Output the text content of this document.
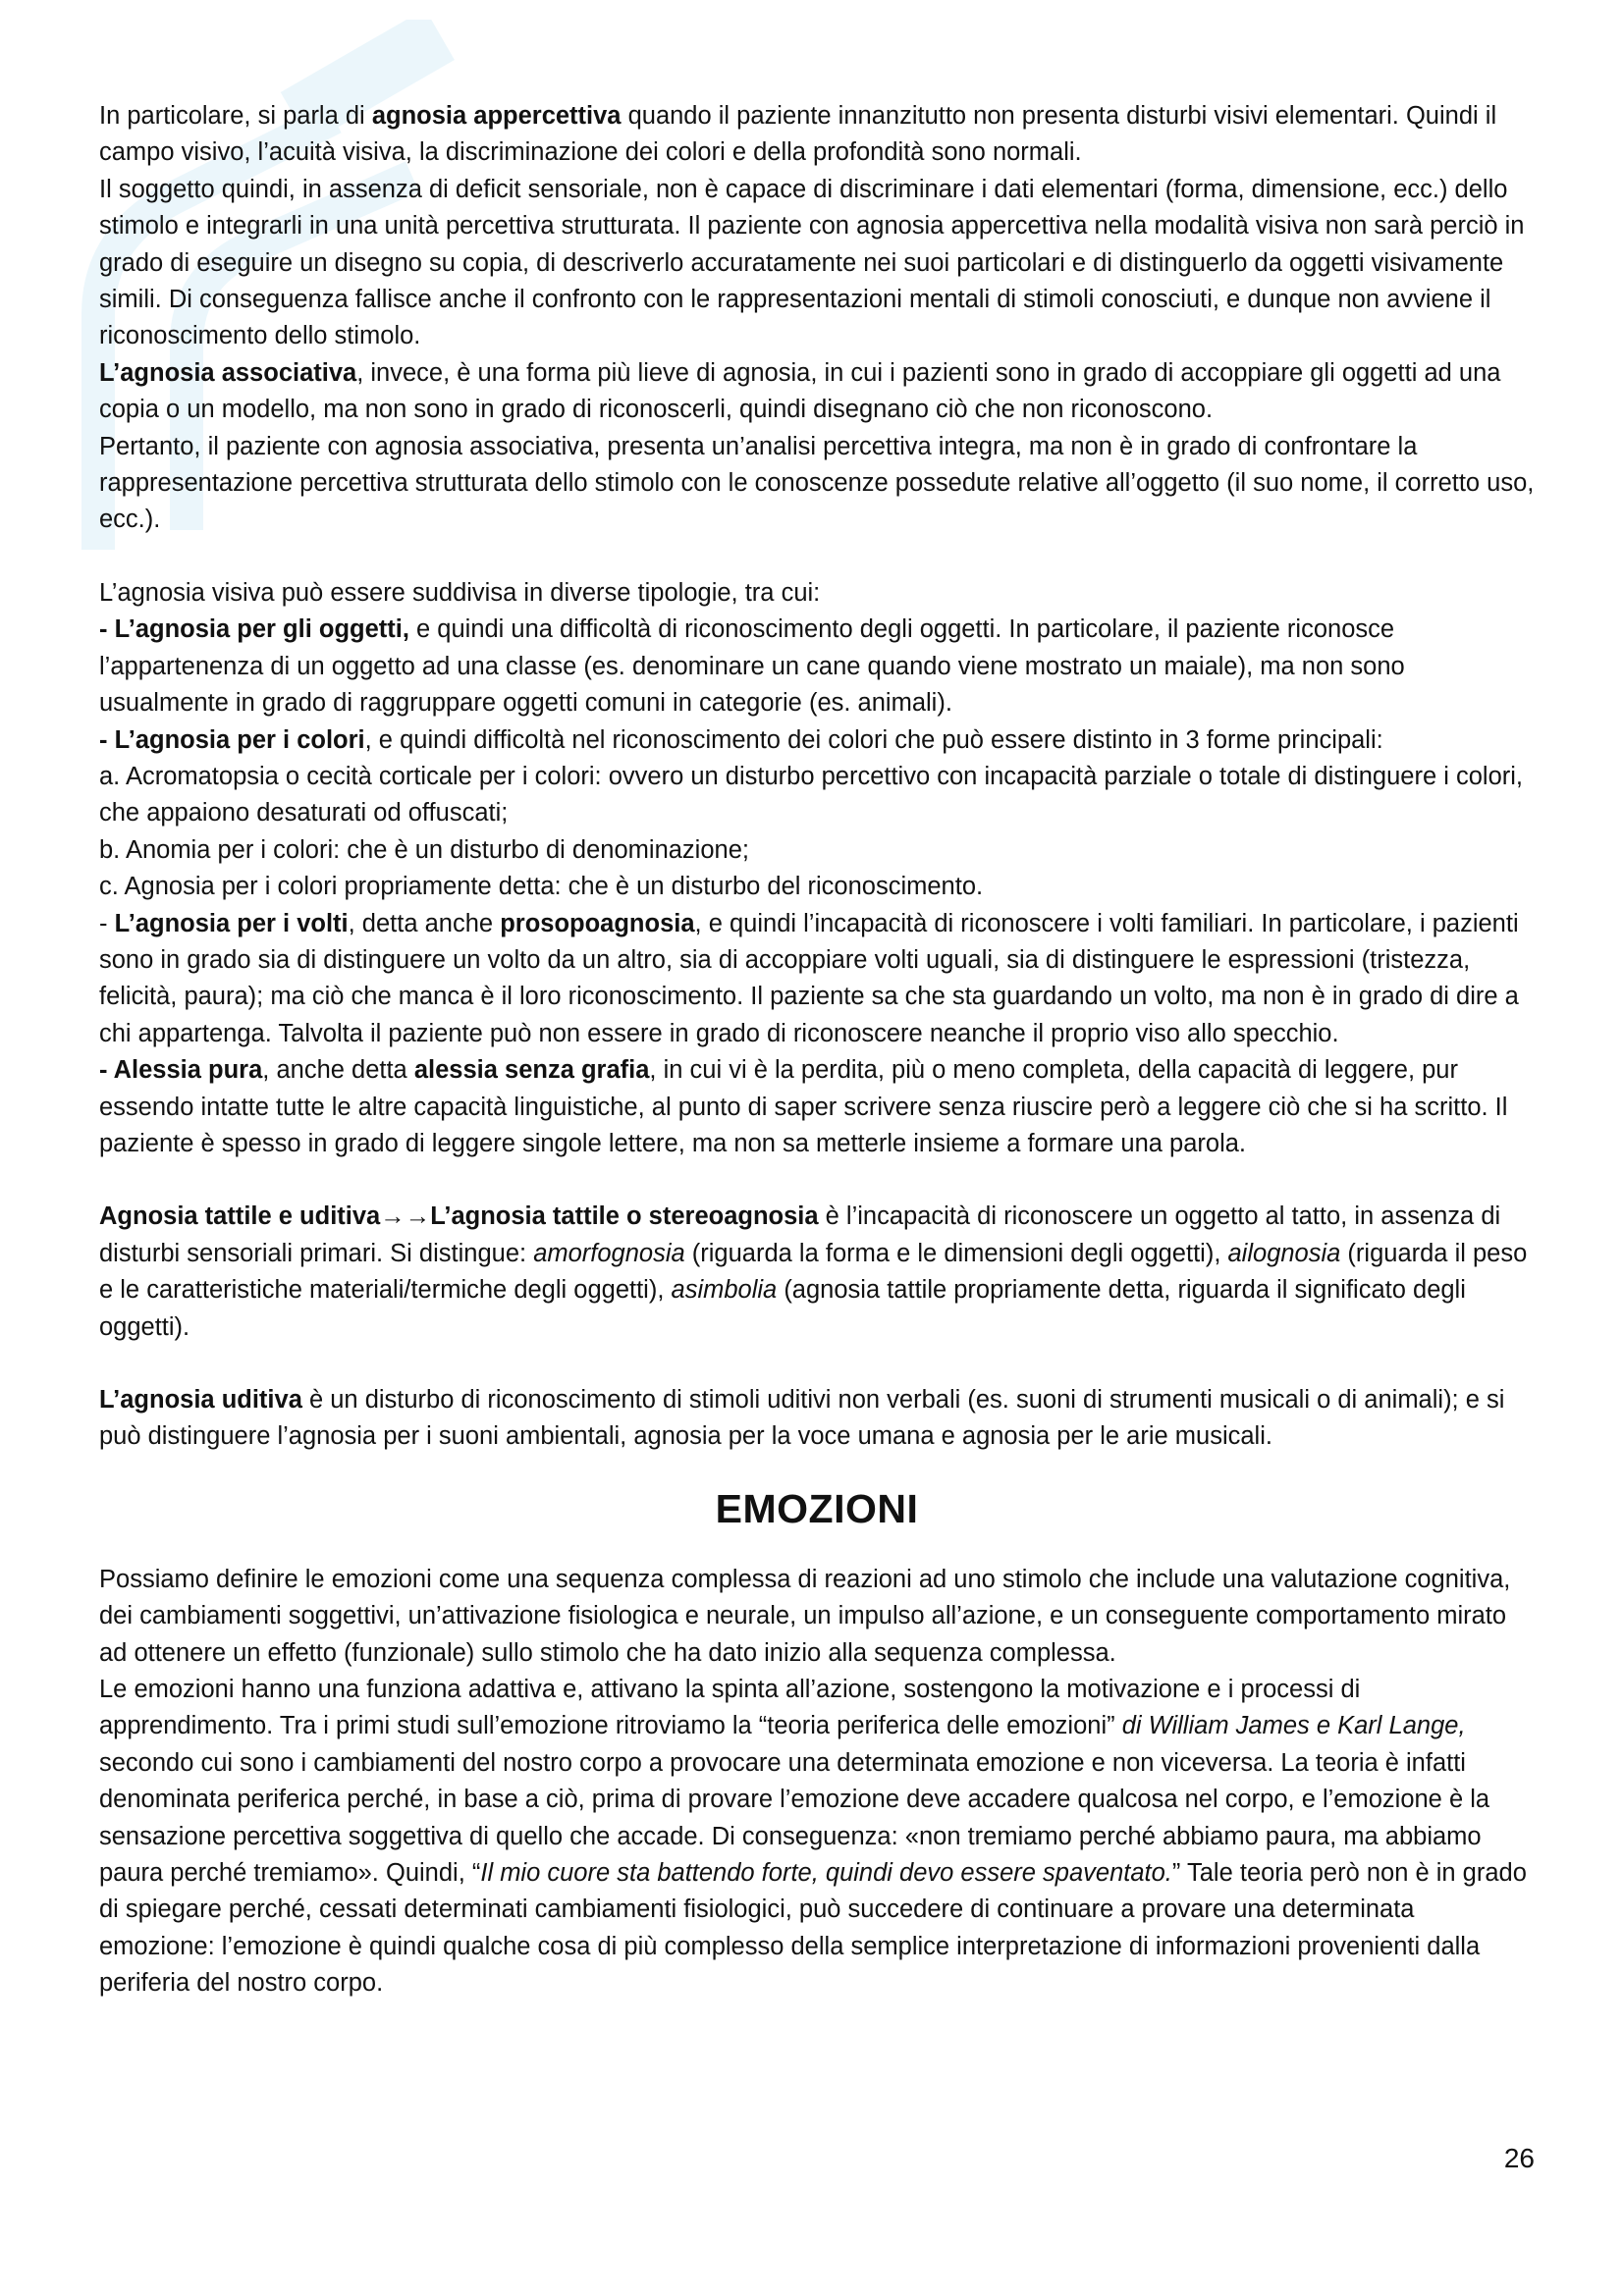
In particolare, si parla di agnosia appercettiva quando il paziente innanzitutto non presenta disturbi visivi elementari. Quindi il campo visivo, l’acuità visiva, la discriminazione dei colori e della profondità sono normali.

Il soggetto quindi, in assenza di deficit sensoriale, non è capace di discriminare i dati elementari (forma, dimensione, ecc.) dello stimolo e integrarli in una unità percettiva strutturata. Il paziente con agnosia appercettiva nella modalità visiva non sarà perciò in grado di eseguire un disegno su copia, di descriverlo accuratamente nei suoi particolari e di distinguerlo da oggetti visivamente simili. Di conseguenza fallisce anche il confronto con le rappresentazioni mentali di stimoli conosciuti, e dunque non avviene il riconoscimento dello stimolo.

L’agnosia associativa, invece, è una forma più lieve di agnosia, in cui i pazienti sono in grado di accoppiare gli oggetti ad una copia o un modello, ma non sono in grado di riconoscerli, quindi disegnano ciò che non riconoscono.

Pertanto, il paziente con agnosia associativa, presenta un’analisi percettiva integra, ma non è in grado di confrontare la rappresentazione percettiva strutturata dello stimolo con le conoscenze possedute relative all’oggetto (il suo nome, il corretto uso, ecc.).

L’agnosia visiva può essere suddivisa in diverse tipologie, tra cui:

- L’agnosia per gli oggetti, e quindi una difficoltà di riconoscimento degli oggetti. In particolare, il paziente riconosce l’appartenenza di un oggetto ad una classe (es. denominare un cane quando viene mostrato un maiale), ma non sono usualmente in grado di raggruppare oggetti comuni in categorie (es. animali).

- L’agnosia per i colori, e quindi difficoltà nel riconoscimento dei colori che può essere distinto in 3 forme principali:

a. Acromatopsia o cecità corticale per i colori: ovvero un disturbo percettivo con incapacità parziale o totale di distinguere i colori, che appaiono desaturati od offuscati;

b. Anomia per i colori: che è un disturbo di denominazione;

c. Agnosia per i colori propriamente detta: che è un disturbo del riconoscimento.

- L’agnosia per i volti, detta anche prosopoagnosia, e quindi l’incapacità di riconoscere i volti familiari. In particolare, i pazienti sono in grado sia di distinguere un volto da un altro, sia di accoppiare volti uguali, sia di distinguere le espressioni (tristezza, felicità, paura); ma ciò che manca è il loro riconoscimento. Il paziente sa che sta guardando un volto, ma non è in grado di dire a chi appartenga. Talvolta il paziente può non essere in grado di riconoscere neanche il proprio viso allo specchio.

- Alessia pura, anche detta alessia senza grafia, in cui vi è la perdita, più o meno completa, della capacità di leggere, pur essendo intatte tutte le altre capacità linguistiche, al punto di saper scrivere senza riuscire però a leggere ciò che si ha scritto. Il paziente è spesso in grado di leggere singole lettere, ma non sa metterle insieme a formare una parola.

Agnosia tattile e uditiva→→L’agnosia tattile o stereoagnosia è l’incapacità di riconoscere un oggetto al tatto, in assenza di disturbi sensoriali primari. Si distingue: amorfognosia (riguarda la forma e le dimensioni degli oggetti), ailognosia (riguarda il peso e le caratteristiche materiali/termiche degli oggetti), asimbolia (agnosia tattile propriamente detta, riguarda il significato degli oggetti).

L’agnosia uditiva è un disturbo di riconoscimento di stimoli uditivi non verbali (es. suoni di strumenti musicali o di animali); e si può distinguere l’agnosia per i suoni ambientali, agnosia per la voce umana e agnosia per le arie musicali.

EMOZIONI

Possiamo definire le emozioni come una sequenza complessa di reazioni ad uno stimolo che include una valutazione cognitiva, dei cambiamenti soggettivi, un’attivazione fisiologica e neurale, un impulso all’azione, e un conseguente comportamento mirato ad ottenere un effetto (funzionale) sullo stimolo che ha dato inizio alla sequenza complessa.

Le emozioni hanno una funziona adattiva e, attivano la spinta all’azione, sostengono la motivazione e i processi di apprendimento. Tra i primi studi sull’emozione ritroviamo la “teoria periferica delle emozioni” di William James e Karl Lange, secondo cui sono i cambiamenti del nostro corpo a provocare una determinata emozione e non viceversa. La teoria è infatti denominata periferica perché, in base a ciò, prima di provare l’emozione deve accadere qualcosa nel corpo, e l’emozione è la sensazione percettiva soggettiva di quello che accade. Di conseguenza: «non tremiamo perché abbiamo paura, ma abbiamo paura perché tremiamo». Quindi, “Il mio cuore sta battendo forte, quindi devo essere spaventato.” Tale teoria però non è in grado di spiegare perché, cessati determinati cambiamenti fisiologici, può succedere di continuare a provare una determinata emozione: l’emozione è quindi qualche cosa di più complesso della semplice interpretazione di informazioni provenienti dalla periferia del nostro corpo.

26
